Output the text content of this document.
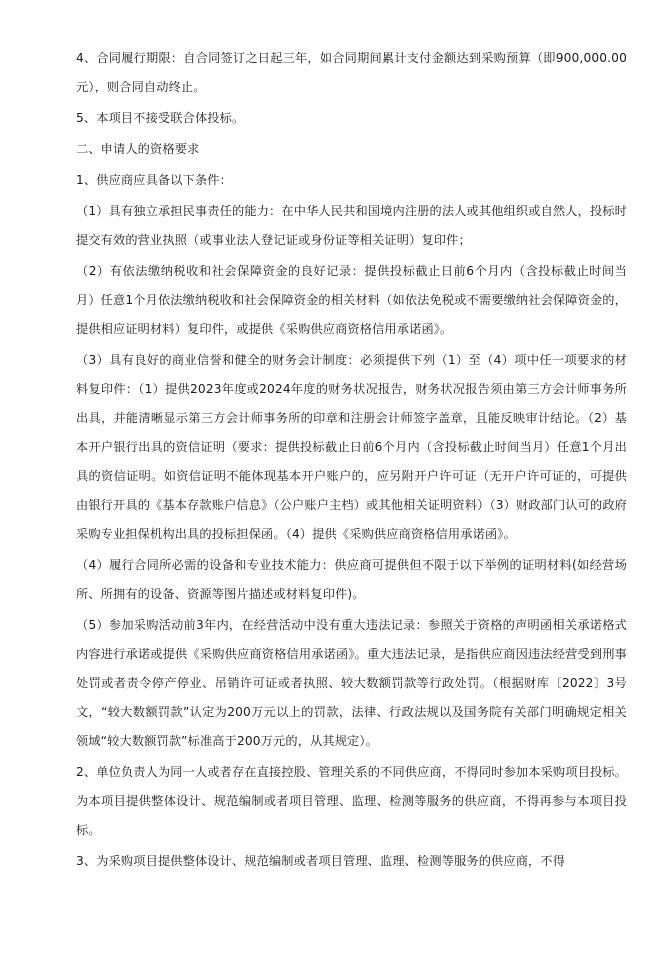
4、合同履行期限：自合同签订之日起三年，如合同期间累计支付金额达到采购预算（即900,000.00元），则合同自动终止。

5、本项目不接受联合体投标。

二、申请人的资格要求

1、供应商应具备以下条件：

（1）具有独立承担民事责任的能力：在中华人民共和国境内注册的法人或其他组织或自然人，投标时提交有效的营业执照（或事业法人登记证或身份证等相关证明）复印件；

（2）有依法缴纳税收和社会保障资金的良好记录：提供投标截止日前6个月内（含投标截止时间当月）任意1个月依法缴纳税收和社会保障资金的相关材料（如依法免税或不需要缴纳社会保障资金的，提供相应证明材料）复印件，或提供《采购供应商资格信用承诺函》。

（3）具有良好的商业信誉和健全的财务会计制度：必须提供下列（1）至（4）项中任一项要求的材料复印件：（1）提供2023年度或2024年度的财务状况报告，财务状况报告须由第三方会计师事务所出具，并能清晰显示第三方会计师事务所的印章和注册会计师签字盖章，且能反映审计结论。（2）基本开户银行出具的资信证明（要求：提供投标截止日前6个月内（含投标截止时间当月）任意1个月出具的资信证明。如资信证明不能体现基本开户账户的，应另附开户许可证（无开户许可证的，可提供由银行开具的《基本存款账户信息》（公户账户主档）或其他相关证明资料）（3）财政部门认可的政府采购专业担保机构出具的投标担保函。（4）提供《采购供应商资格信用承诺函》。

（4）履行合同所必需的设备和专业技术能力：供应商可提供但不限于以下举例的证明材料(如经营场所、所拥有的设备、资源等图片描述或材料复印件)。

（5）参加采购活动前3年内，在经营活动中没有重大违法记录：参照关于资格的声明函相关承诺格式内容进行承诺或提供《采购供应商资格信用承诺函》。重大违法记录，是指供应商因违法经营受到刑事处罚或者责令停产停业、吊销许可证或者执照、较大数额罚款等行政处罚。（根据财库〔2022〕3号文，“较大数额罚款”认定为200万元以上的罚款，法律、行政法规以及国务院有关部门明确规定相关领域“较大数额罚款”标准高于200万元的，从其规定）。

2、单位负责人为同一人或者存在直接控股、管理关系的不同供应商，不得同时参加本采购项目投标。为本项目提供整体设计、规范编制或者项目管理、监理、检测等服务的供应商，不得再参与本项目投标。

3、为采购项目提供整体设计、规范编制或者项目管理、监理、检测等服务的供应商，不得
